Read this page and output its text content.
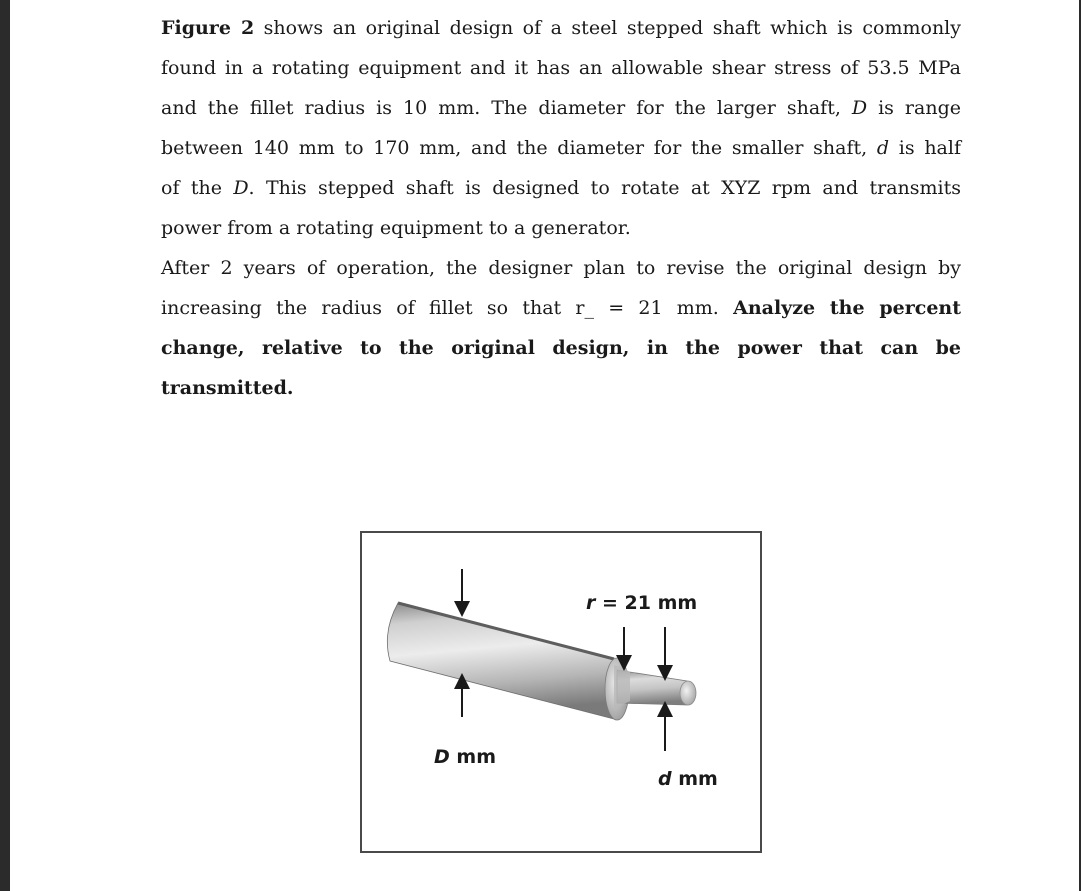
Figure 2 shows an original design of a steel stepped shaft which is commonly
found in a rotating equipment and it has an allowable shear stress of 53.5 MPa
and the fillet radius is 10 mm. The diameter for the larger shaft, D is range
between 140 mm to 170 mm, and the diameter for the smaller shaft, d is half
of the D. This stepped shaft is designed to rotate at XYZ rpm and transmits
power from a rotating equipment to a generator.
After 2 years of operation, the designer plan to revise the original design by
increasing the radius of fillet so that r_ = 21 mm. Analyze the percent
change, relative to the original design, in the power that can be
transmitted.
r = 21 mm
D mm
d mm
